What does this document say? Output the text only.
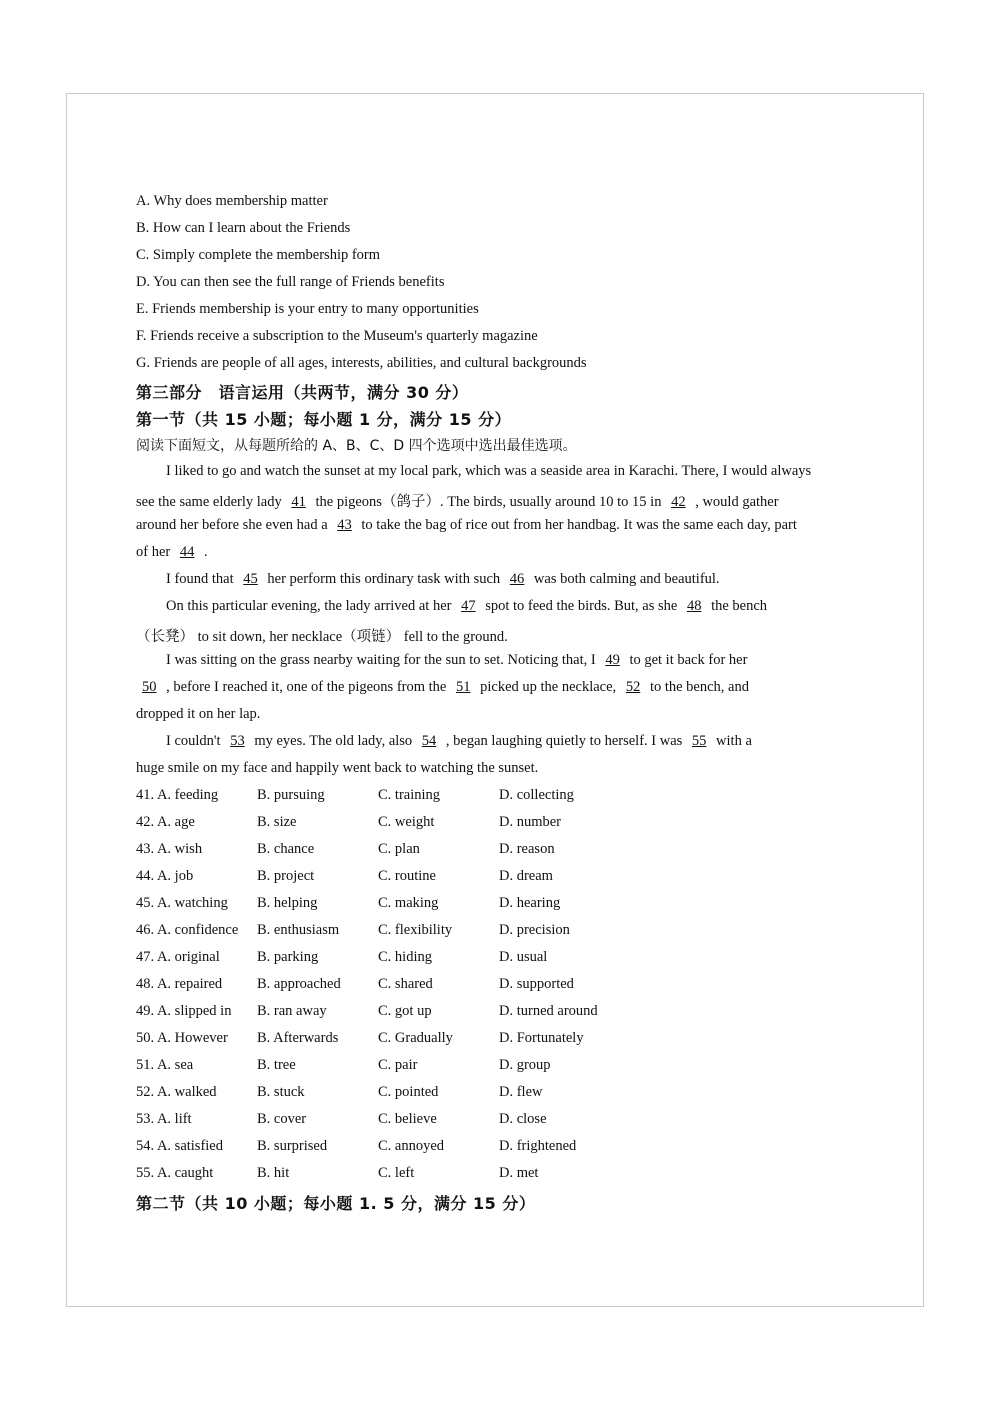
A. Why does membership matter
B. How can I learn about the Friends
C. Simply complete the membership form
D. You can then see the full range of Friends benefits
E. Friends membership is your entry to many opportunities
F. Friends receive a subscription to the Museum's quarterly magazine
G. Friends are people of all ages, interests, abilities, and cultural backgrounds
第三部分　语言运用（共两节，满分 30 分）
第一节（共 15 小题；每小题 1 分，满分 15 分）
阅读下面短文，从每题所给的 A、B、C、D 四个选项中选出最佳选项。
I liked to go and watch the sunset at my local park, which was a seaside area in Karachi. There, I would always
see the same elderly lady 41 the pigeons（鸽子）. The birds, usually around 10 to 15 in 42 , would gather
around her before she even had a 43 to take the bag of rice out from her handbag. It was the same each day, part
of her 44 .
I found that 45 her perform this ordinary task with such 46 was both calming and beautiful.
On this particular evening, the lady arrived at her 47 spot to feed the birds. But, as she 48 the bench
（长凳） to sit down, her necklace（项链） fell to the ground.
I was sitting on the grass nearby waiting for the sun to set. Noticing that, I 49 to get it back for her
50 , before I reached it, one of the pigeons from the 51 picked up the necklace, 52 to the bench, and
dropped it on her lap.
I couldn't 53 my eyes. The old lady, also 54 , began laughing quietly to herself. I was 55 with a
huge smile on my face and happily went back to watching the sunset.
41. A. feeding	B. pursuing	C. training	D. collecting
42. A. age	B. size	C. weight	D. number
43. A. wish	B. chance	C. plan	D. reason
44. A. job	B. project	C. routine	D. dream
45. A. watching B. helping	C. making	D. hearing
46. A. confidence B. enthusiasm	C. flexibility	D. precision
47. A. original	B. parking	C. hiding	D. usual
48. A. repaired B. approached	C. shared	D. supported
49. A. slipped in B. ran away	C. got up	D. turned around
50. A. However B. Afterwards	C. Gradually	D. Fortunately
51. A. sea	B. tree	C. pair	D. group
52. A. walked	B. stuck	C. pointed	D. flew
53. A. lift	B. cover	C. believe	D. close
54. A. satisfied B. surprised	C. annoyed	D. frightened
55. A. caught	B. hit	C. left	D. met
第二节（共 10 小题；每小题 1. 5 分，满分 15 分）
